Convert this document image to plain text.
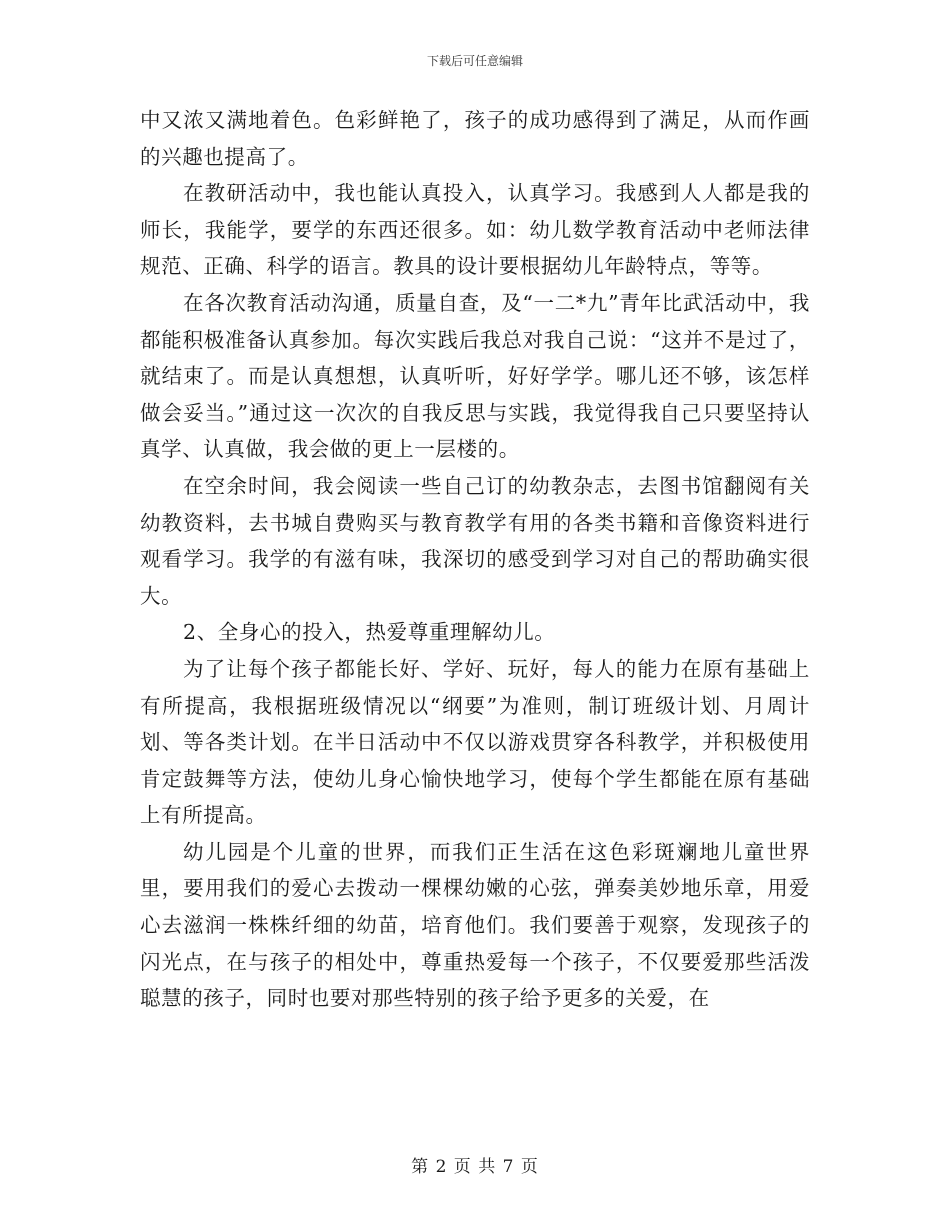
下载后可任意编辑

中又浓又满地着色。色彩鲜艳了，孩子的成功感得到了满足，从而作画的兴趣也提高了。

在教研活动中，我也能认真投入，认真学习。我感到人人都是我的师长，我能学，要学的东西还很多。如：幼儿数学教育活动中老师法律规范、正确、科学的语言。教具的设计要根据幼儿年龄特点，等等。

在各次教育活动沟通，质量自查，及“一二*九”青年比武活动中，我都能积极准备认真参加。每次实践后我总对我自己说：“这并不是过了，就结束了。而是认真想想，认真听听，好好学学。哪儿还不够，该怎样做会妥当。”通过这一次次的自我反思与实践，我觉得我自己只要坚持认真学、认真做，我会做的更上一层楼的。

在空余时间，我会阅读一些自己订的幼教杂志，去图书馆翻阅有关幼教资料，去书城自费购买与教育教学有用的各类书籍和音像资料进行观看学习。我学的有滋有味，我深切的感受到学习对自己的帮助确实很大。

2、全身心的投入，热爱尊重理解幼儿。

为了让每个孩子都能长好、学好、玩好，每人的能力在原有基础上有所提高，我根据班级情况以“纲要”为准则，制订班级计划、月周计划、等各类计划。在半日活动中不仅以游戏贯穿各科教学，并积极使用肯定鼓舞等方法，使幼儿身心愉快地学习，使每个学生都能在原有基础上有所提高。

幼儿园是个儿童的世界，而我们正生活在这色彩斑斓地儿童世界里，要用我们的爱心去拨动一棵棵幼嫩的心弦，弹奏美妙地乐章，用爱心去滋润一株株纤细的幼苗，培育他们。我们要善于观察，发现孩子的闪光点，在与孩子的相处中，尊重热爱每一个孩子，不仅要爱那些活泼聪慧的孩子，同时也要对那些特别的孩子给予更多的关爱，在

第 2 页 共 7 页
